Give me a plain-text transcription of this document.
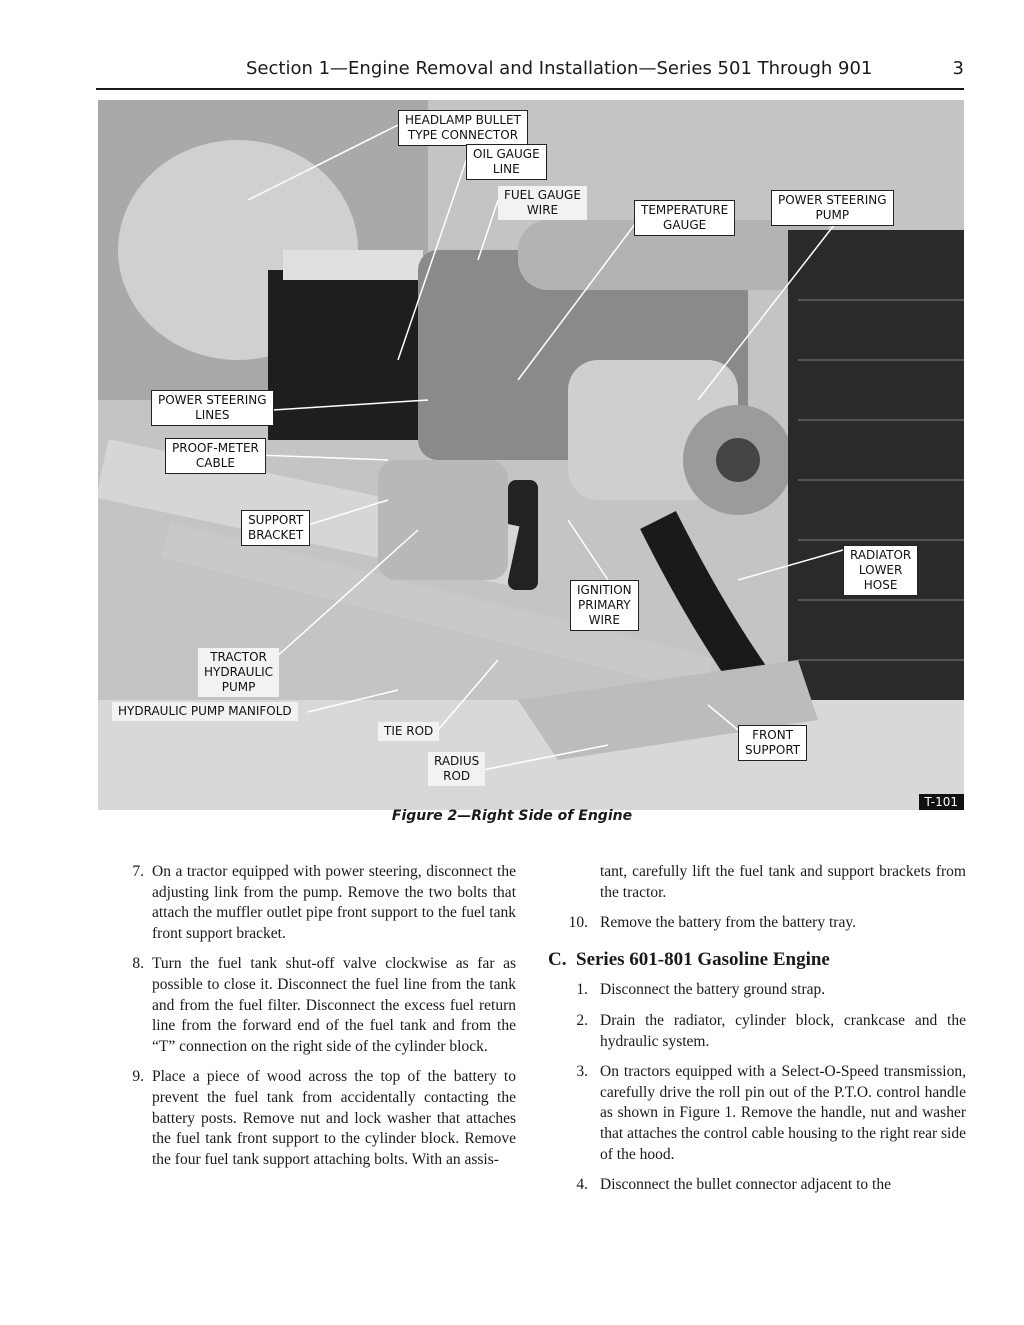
Section 1—Engine Removal and Installation—Series 501 Through 901	3
HEADLAMP BULLET
TYPE CONNECTOR
OIL GAUGE
LINE
FUEL GAUGE
WIRE	TEMPERATURE
GAUGE
POWER STEERING
PUMP
POWER STEERING
LINES
PROOF-METER
CABLE
SUPPORT
BRACKET
RADIATOR
LOWER
HOSE
IGNITION
PRIMARY
WIRE
TRACTOR
HYDRAULIC
PUMP
HYDRAULIC PUMP MANIFOLD
TIE ROD
RADIUS
ROD
FRONT
SUPPORT
T-101
Figure 2—Right Side of Engine
7. On a tractor equipped with power steering, disconnect the adjusting link from the pump. Remove the two bolts that attach the muffler outlet pipe front support to the fuel tank front support bracket.
8. Turn the fuel tank shut-off valve clockwise as far as possible to close it. Disconnect the fuel line from the tank and from the fuel filter. Disconnect the excess fuel return line from the forward end of the fuel tank and from the “T” connection on the right side of the cylinder block.
9. Place a piece of wood across the top of the battery to prevent the fuel tank from accidentally contacting the battery posts. Remove nut and lock washer that attaches the fuel tank front support to the cylinder block. Remove the four fuel tank support attaching bolts. With an assis-
tant, carefully lift the fuel tank and support brackets from the tractor.
10. Remove the battery from the battery tray.
C. Series 601-801 Gasoline Engine
1. Disconnect the battery ground strap.
2. Drain the radiator, cylinder block, crankcase and the hydraulic system.
3. On tractors equipped with a Select-O-Speed transmission, carefully drive the roll pin out of the P.T.O. control handle as shown in Figure 1. Remove the handle, nut and washer that attaches the control cable housing to the right rear side of the hood.
4. Disconnect the bullet connector adjacent to the
